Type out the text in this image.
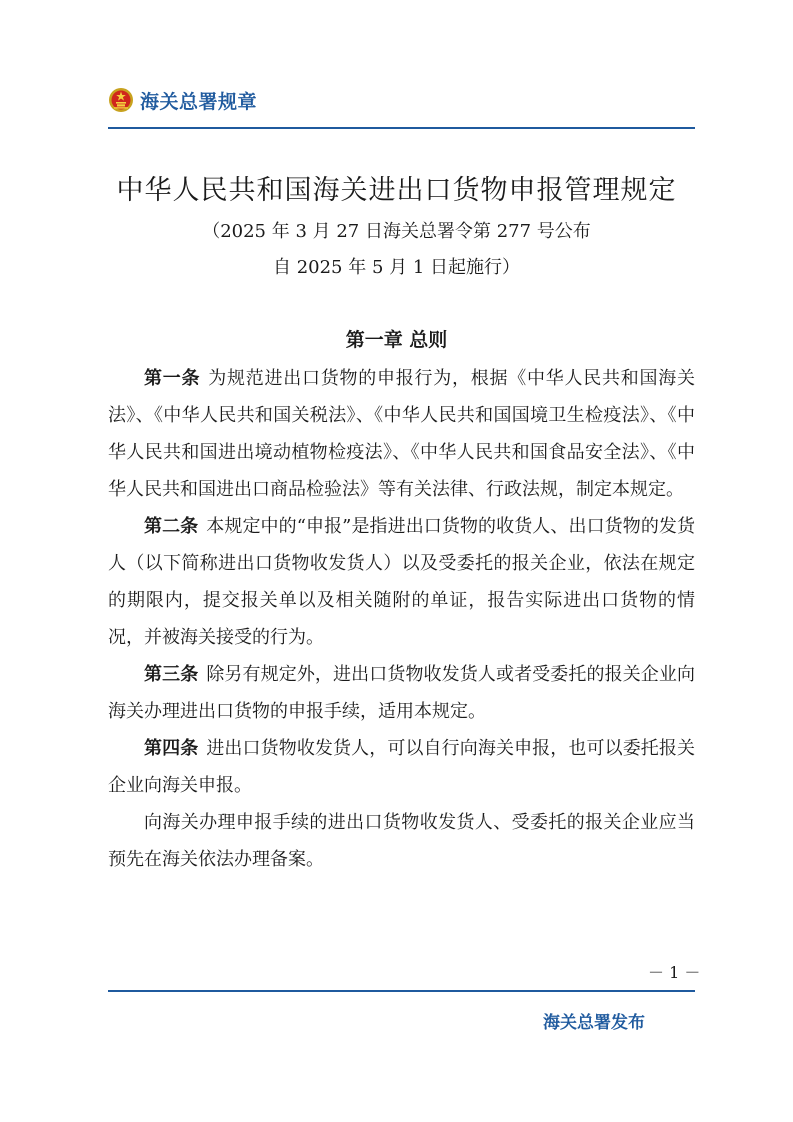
海关总署规章
中华人民共和国海关进出口货物申报管理规定
（2025 年 3 月 27 日海关总署令第 277 号公布
自 2025 年 5 月 1 日起施行）
第一章 总则

第一条 为规范进出口货物的申报行为，根据《中华人民共和国海关法》、《中华人民共和国关税法》、《中华人民共和国国境卫生检疫法》、《中华人民共和国进出境动植物检疫法》、《中华人民共和国食品安全法》、《中华人民共和国进出口商品检验法》等有关法律、行政法规，制定本规定。

第二条 本规定中的“申报”是指进出口货物的收货人、出口货物的发货人（以下简称进出口货物收发货人）以及受委托的报关企业，依法在规定的期限内，提交报关单以及相关随附的单证，报告实际进出口货物的情况，并被海关接受的行为。

第三条 除另有规定外，进出口货物收发货人或者受委托的报关企业向海关办理进出口货物的申报手续，适用本规定。

第四条 进出口货物收发货人，可以自行向海关申报，也可以委托报关企业向海关申报。

向海关办理申报手续的进出口货物收发货人、受委托的报关企业应当预先在海关依法办理备案。

－ 1 －
海关总署发布
